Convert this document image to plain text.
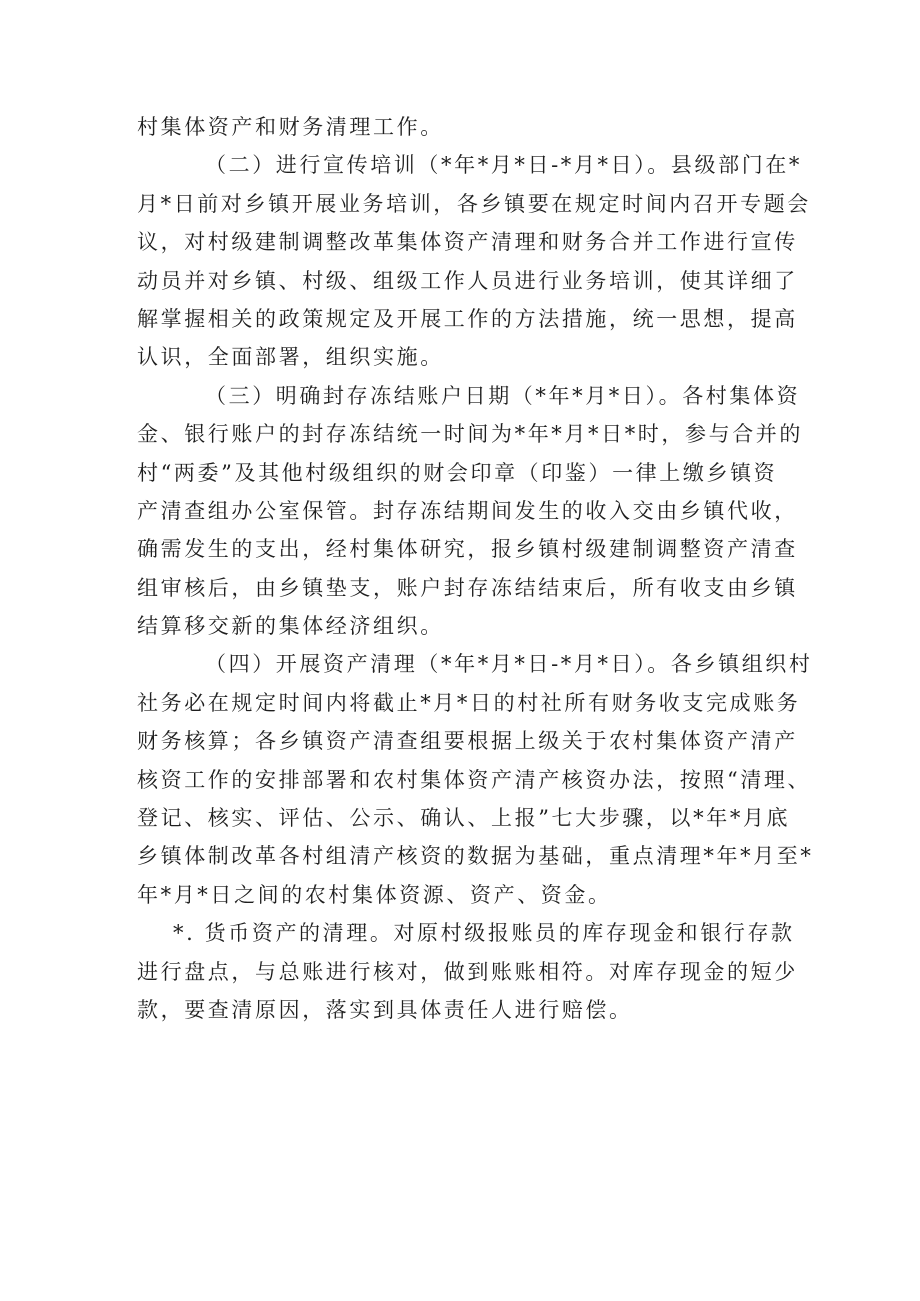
村集体资产和财务清理工作。
（二）进行宣传培训（*年*月*日-*月*日）。县级部门在*
月*日前对乡镇开展业务培训，各乡镇要在规定时间内召开专题会
议，对村级建制调整改革集体资产清理和财务合并工作进行宣传
动员并对乡镇、村级、组级工作人员进行业务培训，使其详细了
解掌握相关的政策规定及开展工作的方法措施，统一思想，提高
认识，全面部署，组织实施。
（三）明确封存冻结账户日期（*年*月*日）。各村集体资
金、银行账户的封存冻结统一时间为*年*月*日*时，参与合并的
村“两委”及其他村级组织的财会印章（印鉴）一律上缴乡镇资
产清查组办公室保管。封存冻结期间发生的收入交由乡镇代收，
确需发生的支出，经村集体研究，报乡镇村级建制调整资产清查
组审核后，由乡镇垫支，账户封存冻结结束后，所有收支由乡镇
结算移交新的集体经济组织。
（四）开展资产清理（*年*月*日-*月*日）。各乡镇组织村
社务必在规定时间内将截止*月*日的村社所有财务收支完成账务
财务核算；各乡镇资产清查组要根据上级关于农村集体资产清产
核资工作的安排部署和农村集体资产清产核资办法，按照“清理、
登记、核实、评估、公示、确认、上报”七大步骤，以*年*月底
乡镇体制改革各村组清产核资的数据为基础，重点清理*年*月至*
年*月*日之间的农村集体资源、资产、资金。
*. 货币资产的清理。对原村级报账员的库存现金和银行存款
进行盘点，与总账进行核对，做到账账相符。对库存现金的短少
款，要查清原因，落实到具体责任人进行赔偿。
